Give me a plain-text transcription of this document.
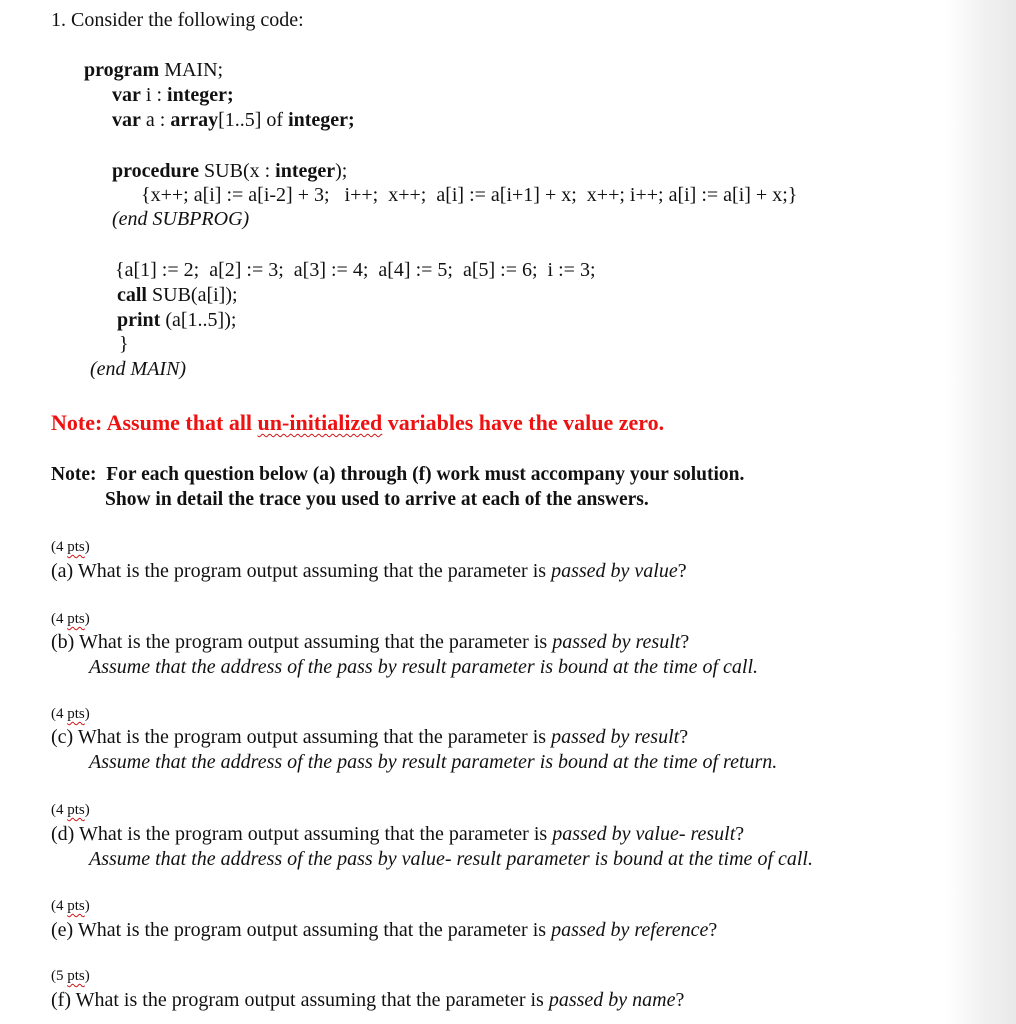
1. Consider the following code:
program MAIN;
var i : integer;
var a : array[1..5] of integer;
procedure SUB(x : integer);
{x++; a[i] := a[i-2] + 3;   i++;  x++;  a[i] := a[i+1] + x;  x++; i++; a[i] := a[i] + x;}
(end SUBPROG)
{a[1] := 2;  a[2] := 3;  a[3] := 4;  a[4] := 5;  a[5] := 6;  i := 3;
call SUB(a[i]);
print (a[1..5]);
}
(end MAIN)
Note: Assume that all un-initialized variables have the value zero.
Note:  For each question below (a) through (f) work must accompany your solution.
Show in detail the trace you used to arrive at each of the answers.
(4 pts)
(a) What is the program output assuming that the parameter is passed by value?
(4 pts)
(b) What is the program output assuming that the parameter is passed by result?
Assume that the address of the pass by result parameter is bound at the time of call.
(4 pts)
(c) What is the program output assuming that the parameter is passed by result?
Assume that the address of the pass by result parameter is bound at the time of return.
(4 pts)
(d) What is the program output assuming that the parameter is passed by value- result?
Assume that the address of the pass by value- result parameter is bound at the time of call.
(4 pts)
(e) What is the program output assuming that the parameter is passed by reference?
(5 pts)
(f) What is the program output assuming that the parameter is passed by name?
